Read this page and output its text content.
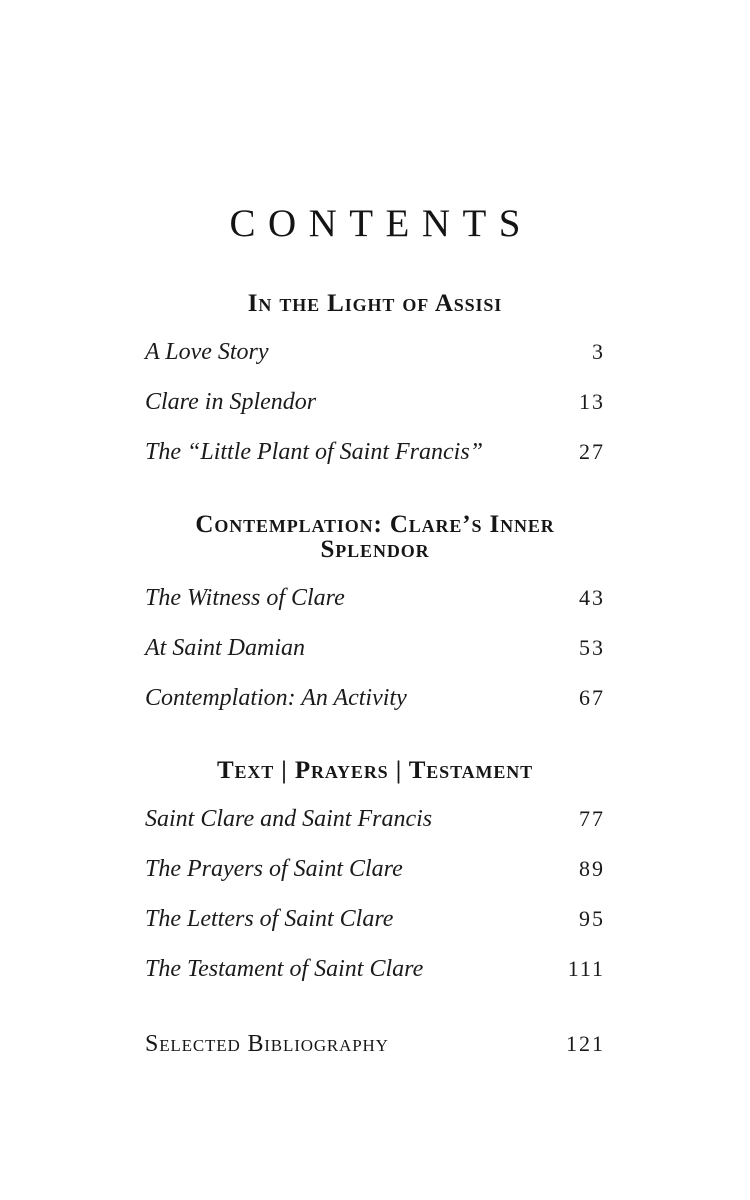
CONTENTS
In the Light of Assisi
A Love Story	3
Clare in Splendor	13
The “Little Plant of Saint Francis”	27
Contemplation: Clare’s Inner Splendor
The Witness of Clare	43
At Saint Damian	53
Contemplation: An Activity	67
Text | Prayers | Testament
Saint Clare and Saint Francis	77
The Prayers of Saint Clare	89
The Letters of Saint Clare	95
The Testament of Saint Clare	111
Selected Bibliography	121
